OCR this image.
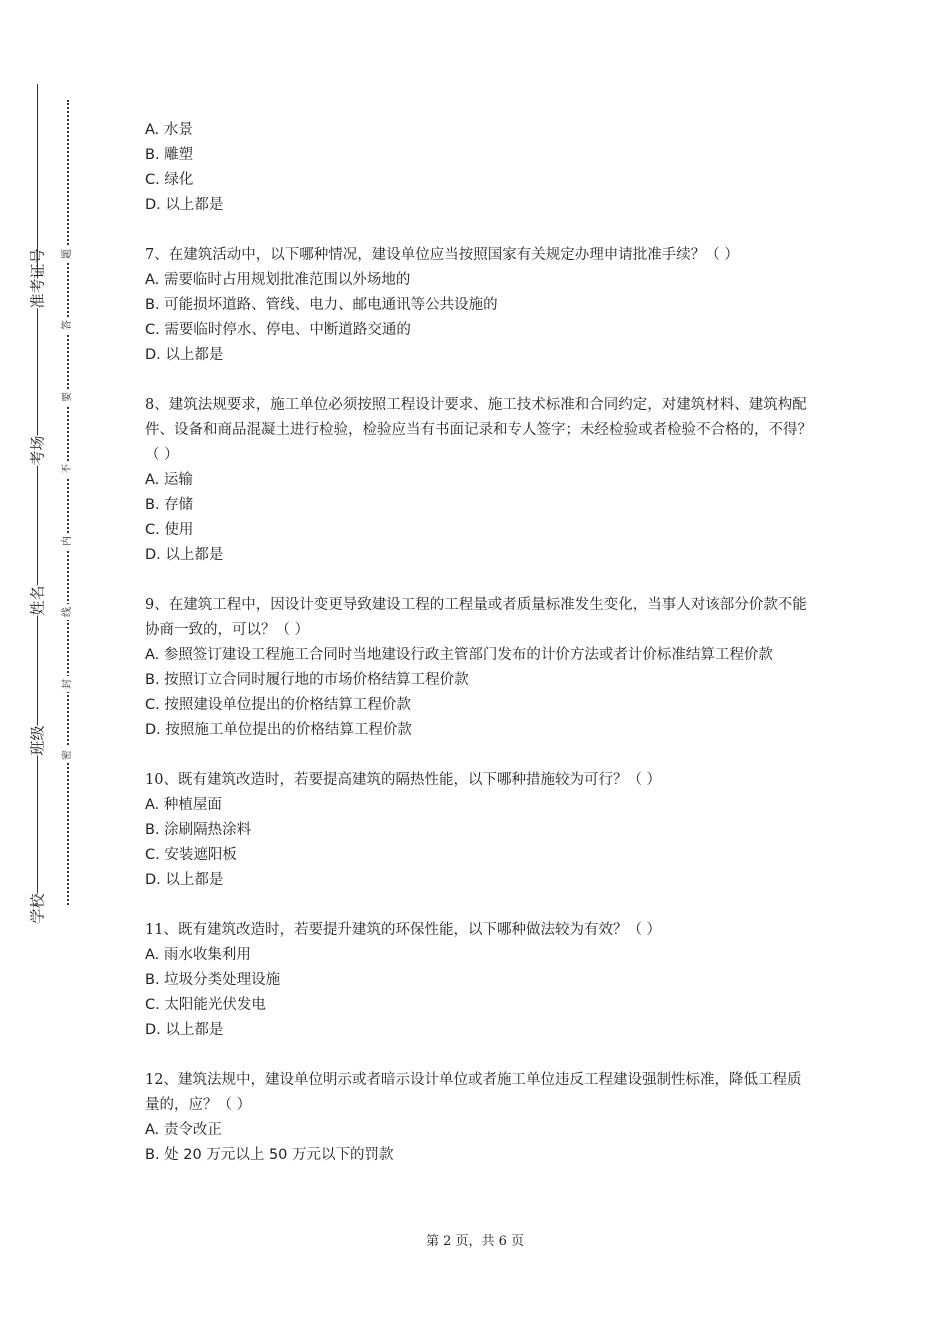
准考证号
考场
姓名
班级
学校
题
答
要
不
内
线
封
密

A. 水景

B. 雕塑

C. 绿化

D. 以上都是

7、在建筑活动中，以下哪种情况，建设单位应当按照国家有关规定办理申请批准手续？（ ）

A. 需要临时占用规划批准范围以外场地的

B. 可能损坏道路、管线、电力、邮电通讯等公共设施的

C. 需要临时停水、停电、中断道路交通的

D. 以上都是

8、建筑法规要求，施工单位必须按照工程设计要求、施工技术标准和合同约定，对建筑材料、建筑构配件、设备和商品混凝土进行检验，检验应当有书面记录和专人签字；未经检验或者检验不合格的，不得？（ ）

A. 运输

B. 存储

C. 使用

D. 以上都是

9、在建筑工程中，因设计变更导致建设工程的工程量或者质量标准发生变化，当事人对该部分价款不能协商一致的，可以？（ ）

A. 参照签订建设工程施工合同时当地建设行政主管部门发布的计价方法或者计价标准结算工程价款

B. 按照订立合同时履行地的市场价格结算工程价款

C. 按照建设单位提出的价格结算工程价款

D. 按照施工单位提出的价格结算工程价款

10、既有建筑改造时，若要提高建筑的隔热性能，以下哪种措施较为可行？（ ）

A. 种植屋面

B. 涂刷隔热涂料

C. 安装遮阳板

D. 以上都是

11、既有建筑改造时，若要提升建筑的环保性能，以下哪种做法较为有效？（ ）

A. 雨水收集利用

B. 垃圾分类处理设施

C. 太阳能光伏发电

D. 以上都是

12、建筑法规中，建设单位明示或者暗示设计单位或者施工单位违反工程建设强制性标准，降低工程质量的，应？（ ）

A. 责令改正

B. 处 20 万元以上 50 万元以下的罚款

第 2 页，共 6 页
